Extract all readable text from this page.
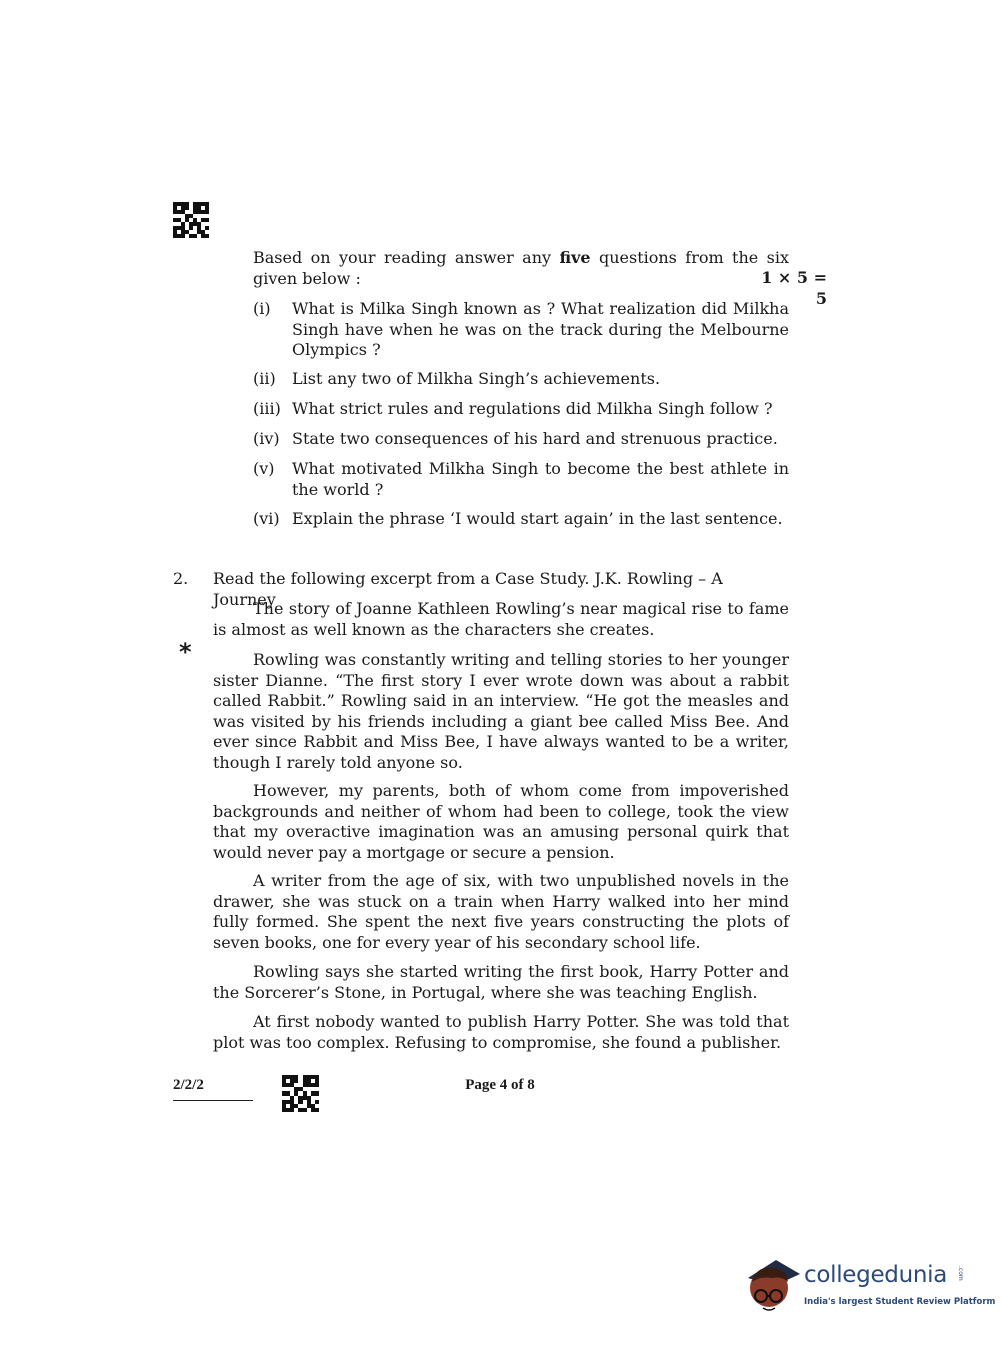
Based on your reading answer any five questions from the six given below :	1 × 5 = 5
(i)	What is Milka Singh known as ? What realization did Milkha Singh have when he was on the track during the Melbourne Olympics ?
(ii)	List any two of Milkha Singh’s achievements.
(iii) What strict rules and regulations did Milkha Singh follow ?
(iv) State two consequences of his hard and strenuous practice.
(v)	What motivated Milkha Singh to become the best athlete in the world ?
(vi) Explain the phrase ‘I would start again’ in the last sentence.
2. Read the following excerpt from a Case Study. J.K. Rowling – A Journey
*
The story of Joanne Kathleen Rowling’s near magical rise to fame is almost as well known as the characters she creates.
Rowling was constantly writing and telling stories to her younger sister Dianne. “The first story I ever wrote down was about a rabbit called Rabbit.” Rowling said in an interview. “He got the measles and was visited by his friends including a giant bee called Miss Bee. And ever since Rabbit and Miss Bee, I have always wanted to be a writer, though I rarely told anyone so.
However, my parents, both of whom come from impoverished backgrounds and neither of whom had been to college, took the view that my overactive imagination was an amusing personal quirk that would never pay a mortgage or secure a pension.
A writer from the age of six, with two unpublished novels in the drawer, she was stuck on a train when Harry walked into her mind fully formed. She spent the next five years constructing the plots of seven books, one for every year of his secondary school life.
Rowling says she started writing the first book, Harry Potter and the Sorcerer’s Stone, in Portugal, where she was teaching English.
At first nobody wanted to publish Harry Potter. She was told that plot was too complex. Refusing to compromise, she found a publisher.
2/2/2	Page 4 of 8
collegedunia .com
India's largest Student Review Platform
